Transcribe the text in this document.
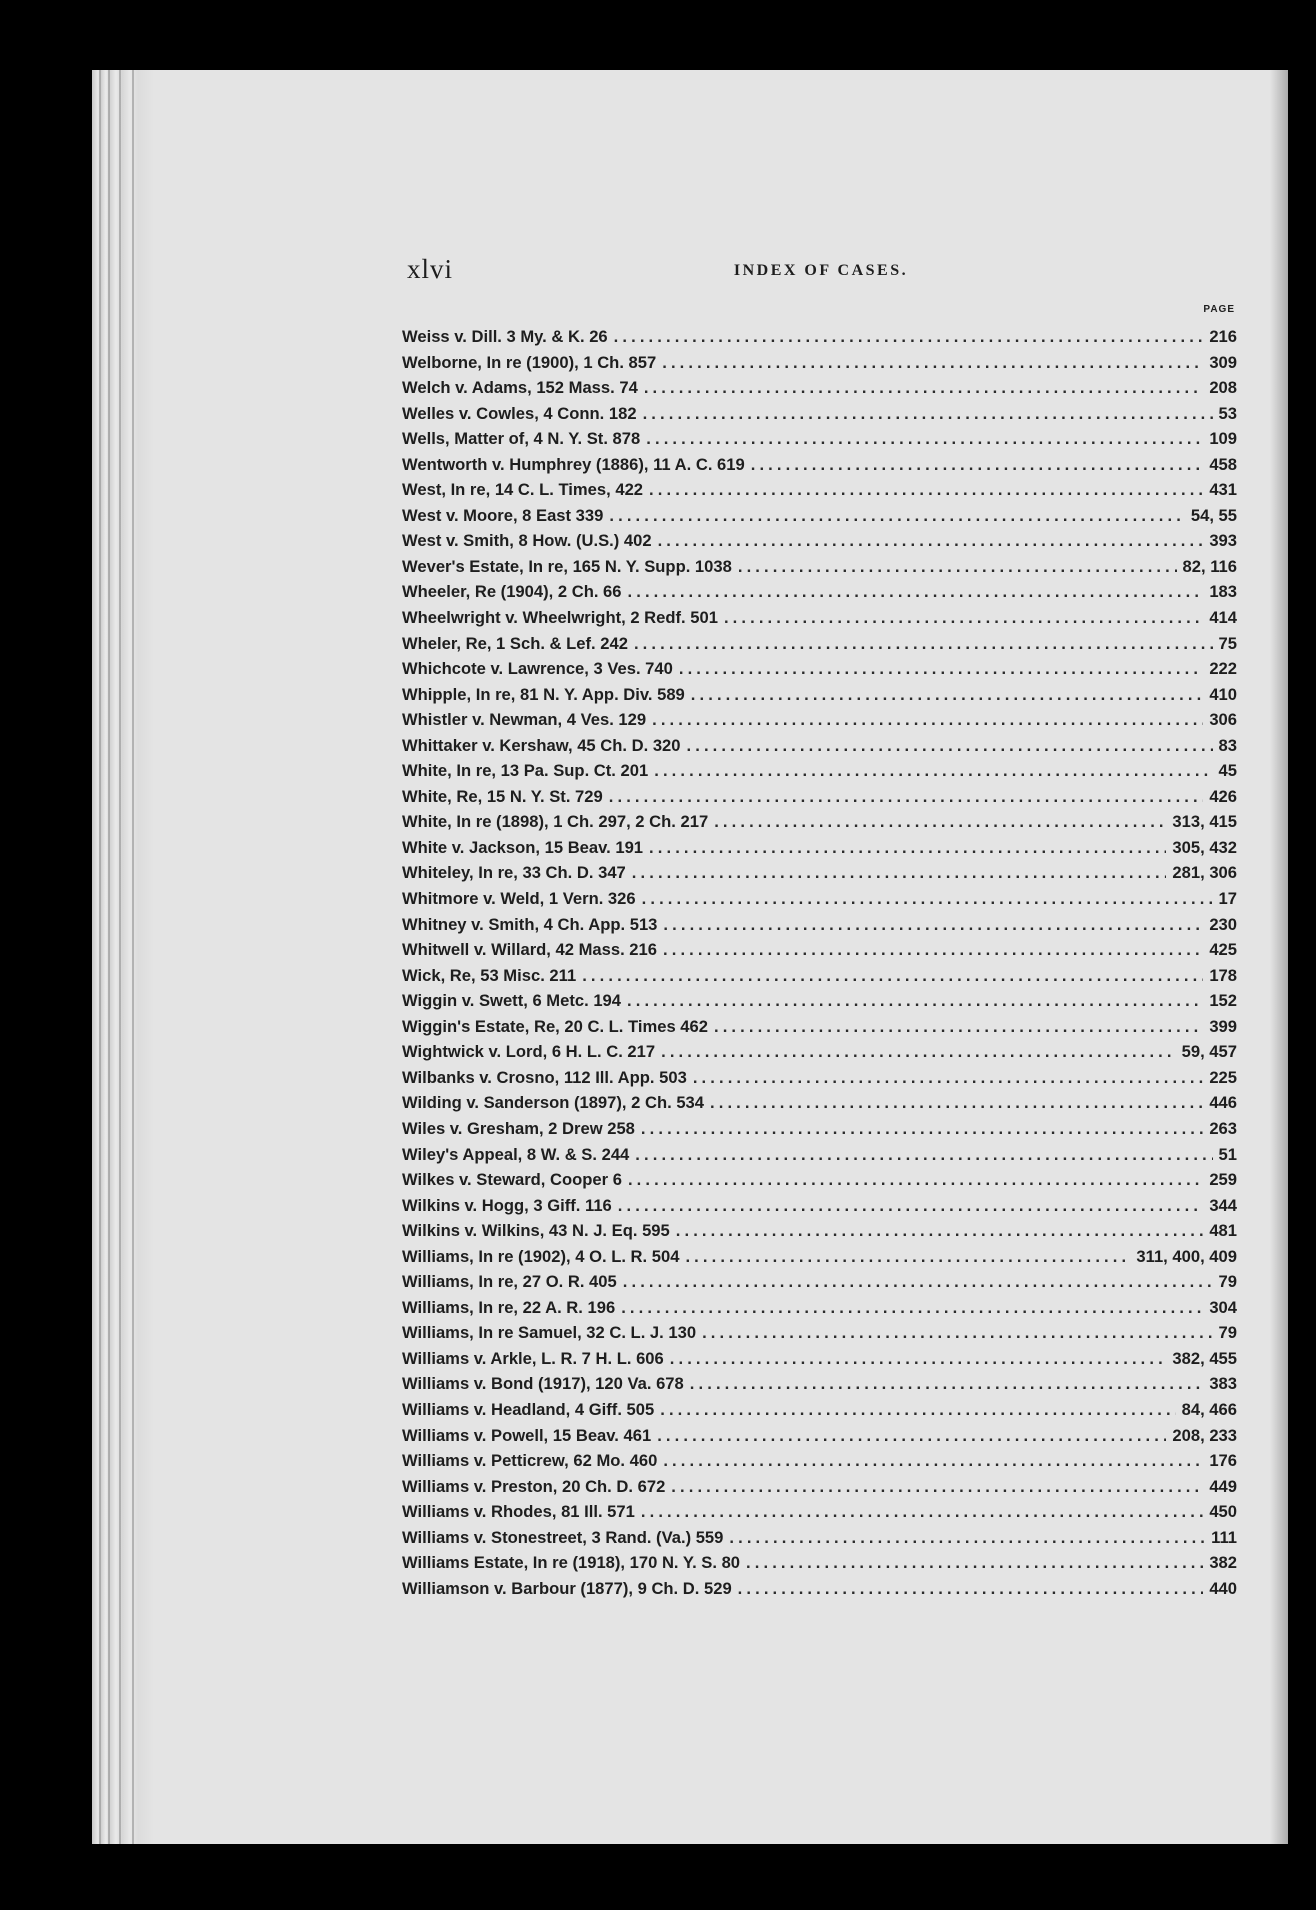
xlvi	INDEX OF CASES.
PAGE
Weiss v. Dill. 3 My. & K. 26 . . .	216
Welborne, In re (1900), 1 Ch. 857 . . .	309
Welch v. Adams, 152 Mass. 74 . . .	208
Welles v. Cowles, 4 Conn. 182 . . .	53
Wells, Matter of, 4 N. Y. St. 878 . . .	109
Wentworth v. Humphrey (1886), 11 A. C. 619 . . .	458
West, In re, 14 C. L. Times, 422 . . .	431
West v. Moore, 8 East 339 . . .	54, 55
West v. Smith, 8 How. (U.S.) 402 . . .	393
Wever's Estate, In re, 165 N. Y. Supp. 1038 . . .	82, 116
Wheeler, Re (1904), 2 Ch. 66 . . .	183
Wheelwright v. Wheelwright, 2 Redf. 501 . . .	414
Wheler, Re, 1 Sch. & Lef. 242 . . .	75
Whichcote v. Lawrence, 3 Ves. 740 . . .	222
Whipple, In re, 81 N. Y. App. Div. 589 . . .	410
Whistler v. Newman, 4 Ves. 129 . . .	306
Whittaker v. Kershaw, 45 Ch. D. 320 . . .	83
White, In re, 13 Pa. Sup. Ct. 201 . . .	45
White, Re, 15 N. Y. St. 729 . . .	426
White, In re (1898), 1 Ch. 297, 2 Ch. 217 . . .	313, 415
White v. Jackson, 15 Beav. 191 . . .	305, 432
Whiteley, In re, 33 Ch. D. 347 . . .	281, 306
Whitmore v. Weld, 1 Vern. 326 . . .	17
Whitney v. Smith, 4 Ch. App. 513 . . .	230
Whitwell v. Willard, 42 Mass. 216 . . .	425
Wick, Re, 53 Misc. 211 . . .	178
Wiggin v. Swett, 6 Metc. 194 . . .	152
Wiggin's Estate, Re, 20 C. L. Times 462 . . .	399
Wightwick v. Lord, 6 H. L. C. 217 . . .	59, 457
Wilbanks v. Crosno, 112 Ill. App. 503 . . .	225
Wilding v. Sanderson (1897), 2 Ch. 534 . . .	446
Wiles v. Gresham, 2 Drew 258 . . .	263
Wiley's Appeal, 8 W. & S. 244 . . .	51
Wilkes v. Steward, Cooper 6 . . .	259
Wilkins v. Hogg, 3 Giff. 116 . . .	344
Wilkins v. Wilkins, 43 N. J. Eq. 595 . . .	481
Williams, In re (1902), 4 O. L. R. 504 . . .	311, 400, 409
Williams, In re, 27 O. R. 405 . . .	79
Williams, In re, 22 A. R. 196 . . .	304
Williams, In re Samuel, 32 C. L. J. 130 . . .	79
Williams v. Arkle, L. R. 7 H. L. 606 . . .	382, 455
Williams v. Bond (1917), 120 Va. 678 . . .	383
Williams v. Headland, 4 Giff. 505 . . .	84, 466
Williams v. Powell, 15 Beav. 461 . . .	208, 233
Williams v. Petticrew, 62 Mo. 460 . . .	176
Williams v. Preston, 20 Ch. D. 672 . . .	449
Williams v. Rhodes, 81 Ill. 571 . . .	450
Williams v. Stonestreet, 3 Rand. (Va.) 559 . . .	111
Williams Estate, In re (1918), 170 N. Y. S. 80 . . .	382
Williamson v. Barbour (1877), 9 Ch. D. 529 . . .	440
